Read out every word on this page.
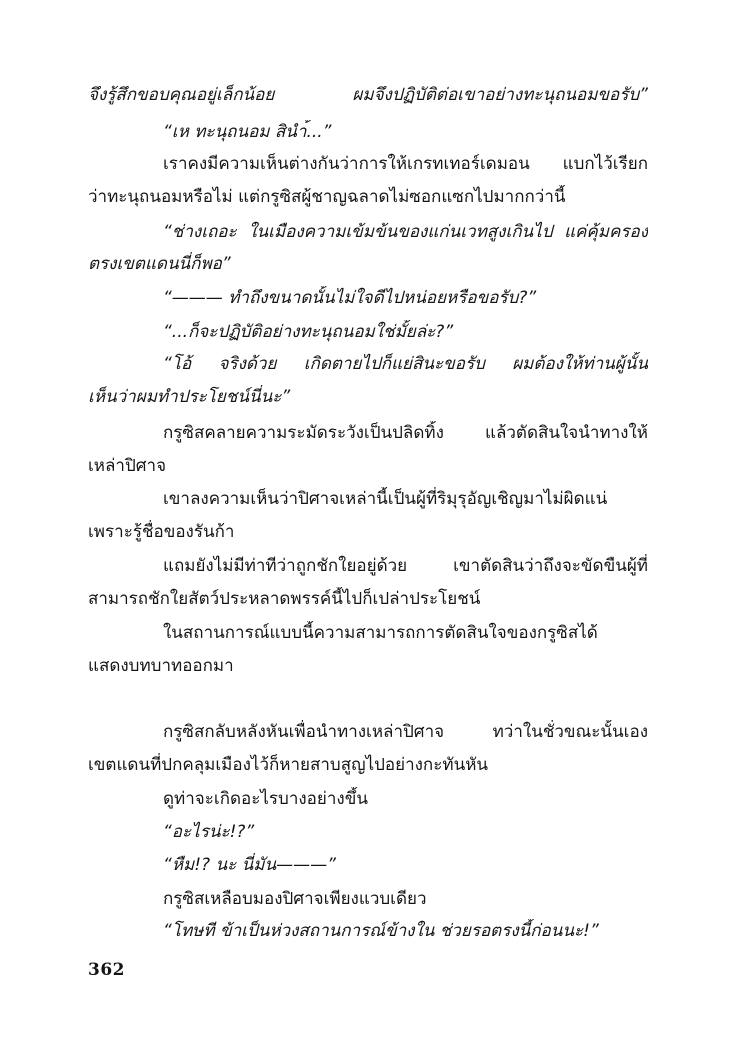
จึงรู้สึกขอบคุณอยู่เล็กน้อย ผมจึงปฏิบัติต่อเขาอย่างทะนุถนอมขอรับ”
“เห ทะนุถนอม สินำ้...”
เราคงมีความเห็นต่างกันว่าการให้เกรทเทอร์เดมอน แบกไว้เรียก
ว่าทะนุถนอมหรือไม่ แต่กรูซิสผู้ชาญฉลาดไม่ซอกแซกไปมากกว่านี้
“ช่างเถอะ ในเมืองความเข้มข้นของแก่นเวทสูงเกินไป แค่คุ้มครอง
ตรงเขตแดนนี่ก็พอ”
“——— ทำถึงขนาดนั้นไม่ใจดีไปหน่อยหรือขอรับ?”
“...ก็จะปฏิบัติอย่างทะนุถนอมใช่มั้ยล่ะ?”
“โอ้ จริงด้วย เกิดตายไปก็แย่สินะขอรับ ผมต้องให้ท่านผู้นั้น
เห็นว่าผมทำประโยชน์นี่นะ”
กรูซิสคลายความระมัดระวังเป็นปลิดทิ้ง แล้วตัดสินใจนำทางให้
เหล่าปิศาจ
เขาลงความเห็นว่าปิศาจเหล่านี้เป็นผู้ที่ริมุรุอัญเชิญมาไม่ผิดแน่
เพราะรู้ชื่อของรันก้า
แถมยังไม่มีท่าทีว่าถูกชักใยอยู่ด้วย เขาตัดสินว่าถึงจะขัดขืนผู้ที่
สามารถชักใยสัตว์ประหลาดพรรค์นี้ไปก็เปล่าประโยชน์
ในสถานการณ์แบบนี้ความสามารถการตัดสินใจของกรูซิสได้
แสดงบทบาทออกมา
กรูซิสกลับหลังหันเพื่อนำทางเหล่าปิศาจ ทว่าในชั่วขณะนั้นเอง
เขตแดนที่ปกคลุมเมืองไว้ก็หายสาบสูญไปอย่างกะทันหัน
ดูท่าจะเกิดอะไรบางอย่างขึ้น
“อะไรน่ะ!?”
“หืม!? นะ นี่มัน———”
กรูซิสเหลือบมองปิศาจเพียงแวบเดียว
“โทษที ข้าเป็นห่วงสถานการณ์ข้างใน ช่วยรอตรงนี้ก่อนนะ!”
362
